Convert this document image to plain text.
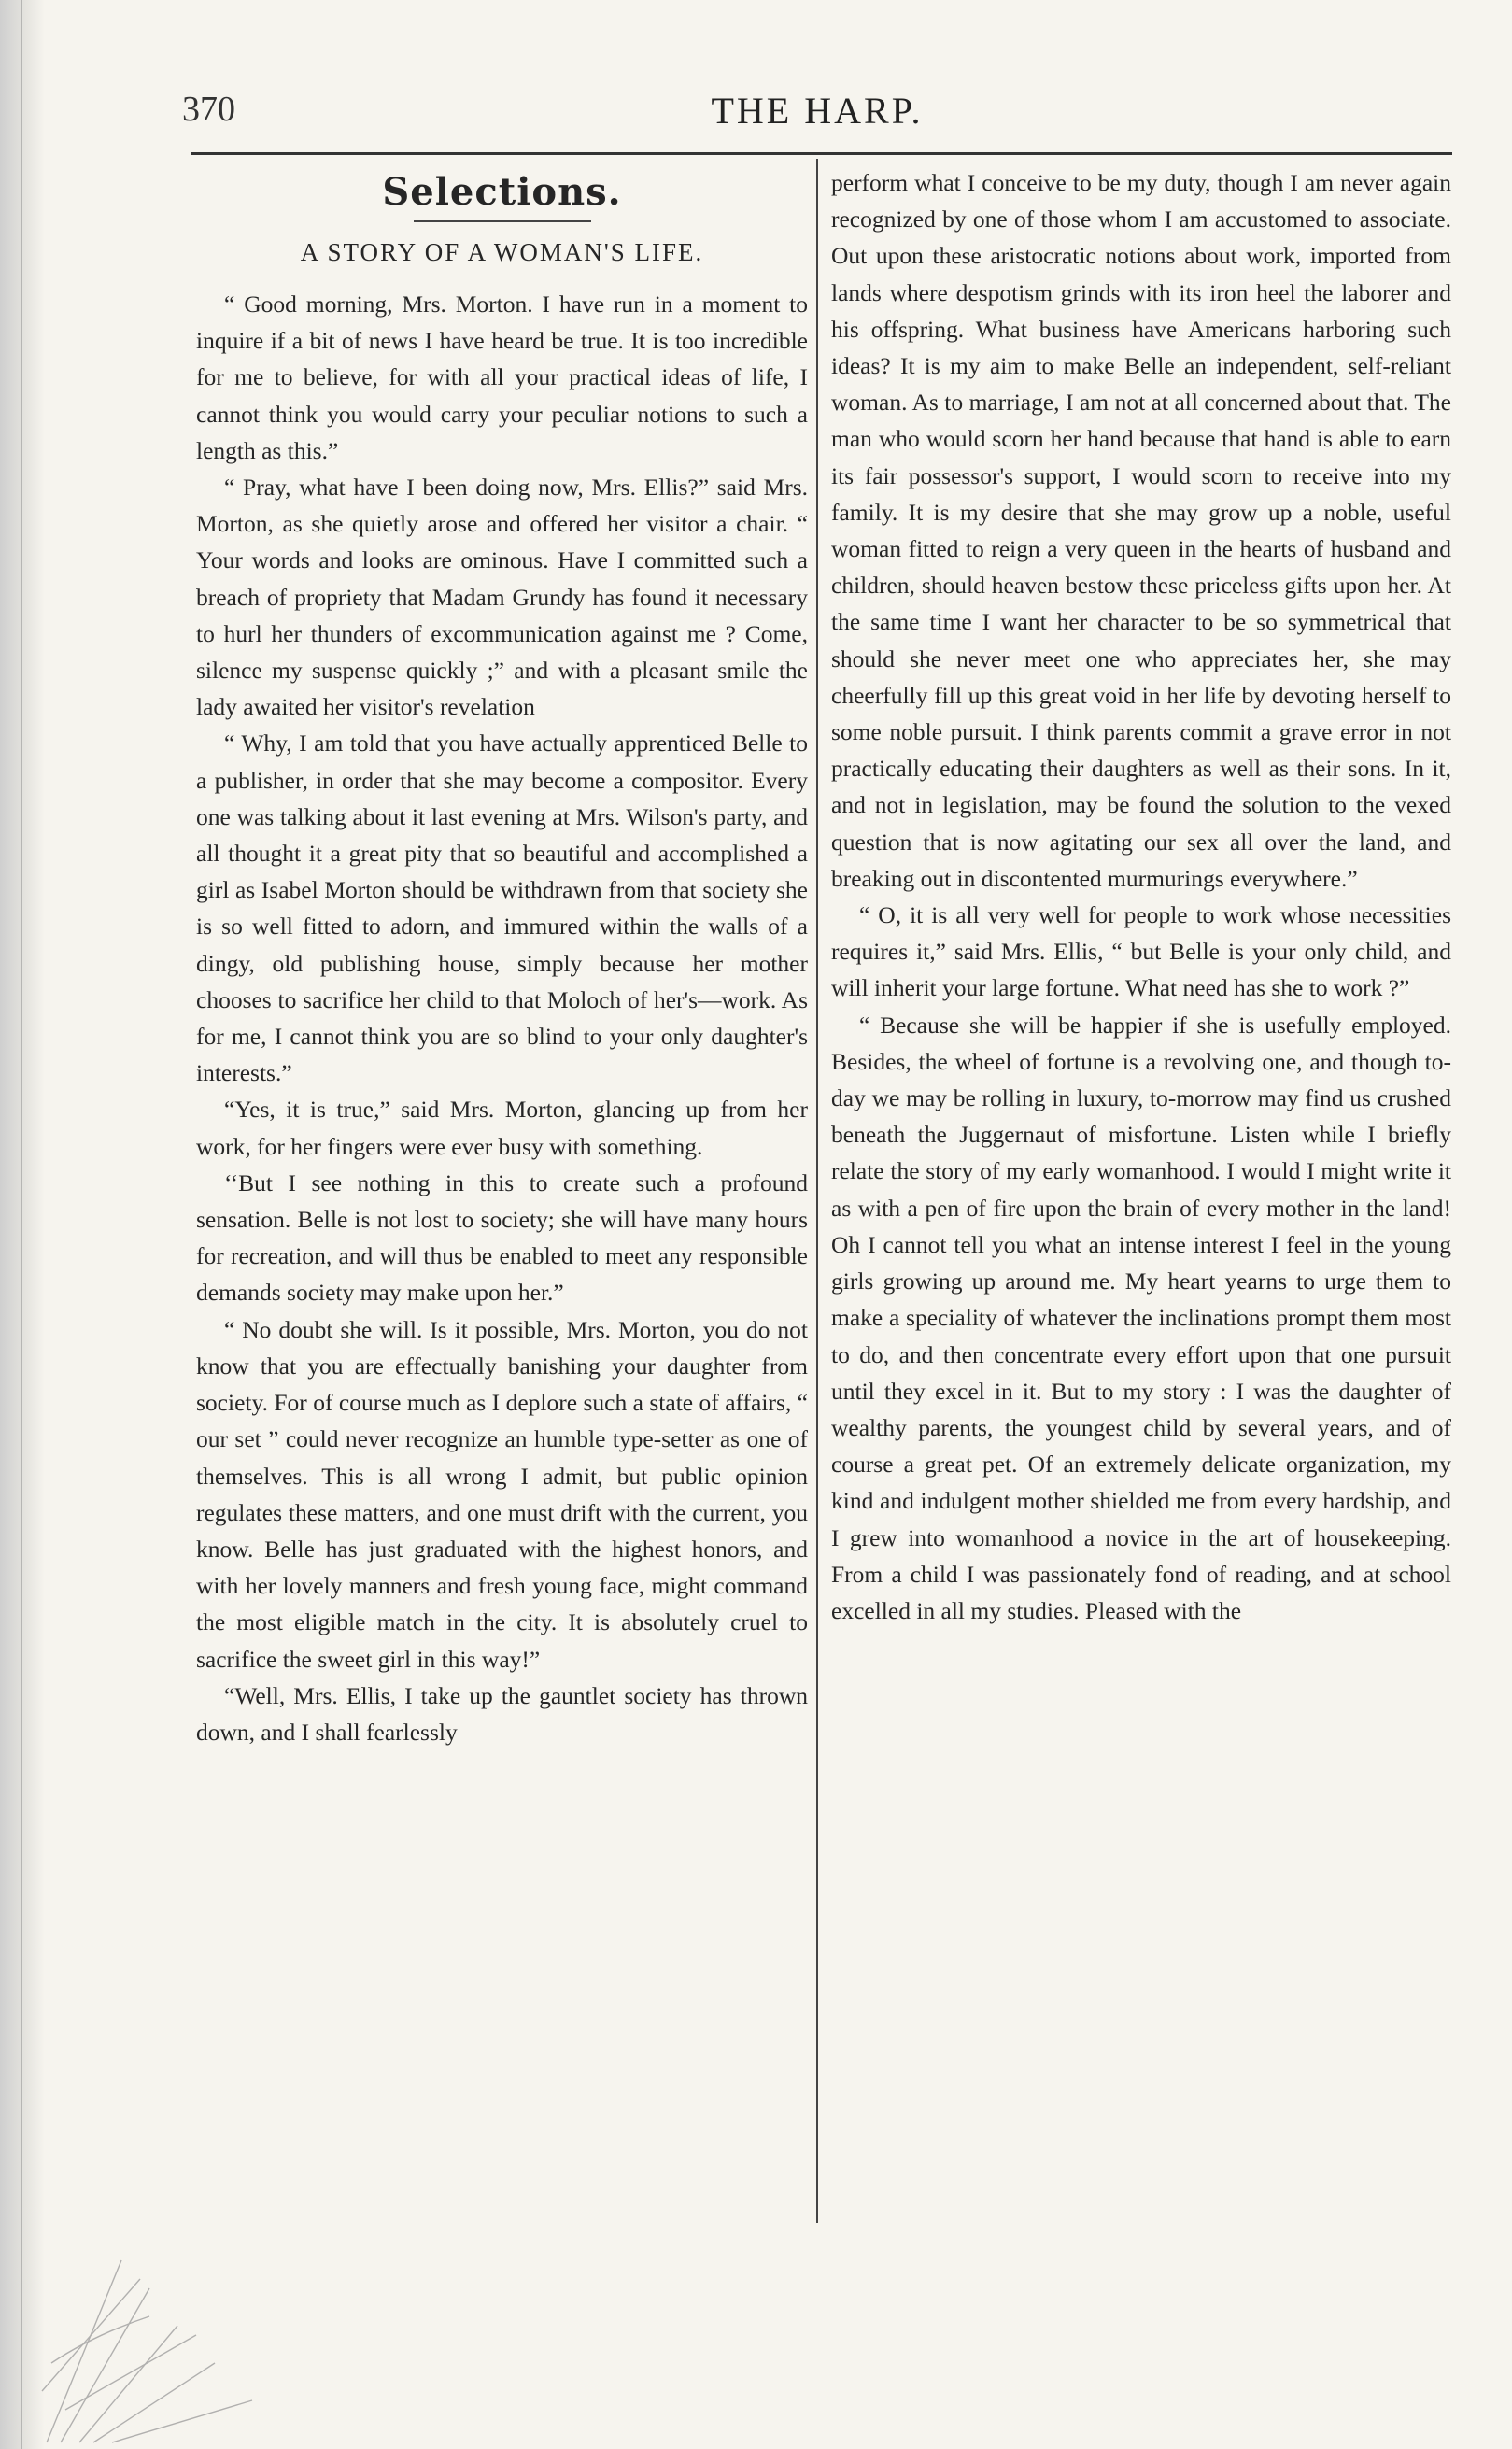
370	THE HARP.
Selections.
A STORY OF A WOMAN'S LIFE.

“ Good morning, Mrs. Morton. I have run in a moment to inquire if a bit of news I have heard be true. It is too incredible for me to believe, for with all your practical ideas of life, I cannot think you would carry your peculiar notions to such a length as this.”

“ Pray, what have I been doing now, Mrs. Ellis?” said Mrs. Morton, as she quietly arose and offered her visitor a chair. “ Your words and looks are ominous. Have I committed such a breach of propriety that Madam Grundy has found it necessary to hurl her thunders of excommunication against me ? Come, silence my suspense quickly ;” and with a pleasant smile the lady awaited her visitor's revelation

“ Why, I am told that you have actually apprenticed Belle to a publisher, in order that she may become a compositor. Every one was talking about it last evening at Mrs. Wilson's party, and all thought it a great pity that so beautiful and accomplished a girl as Isabel Morton should be withdrawn from that society she is so well fitted to adorn, and immured within the walls of a dingy, old publishing house, simply because her mother chooses to sacrifice her child to that Moloch of her's—work. As for me, I cannot think you are so blind to your only daughter's interests.”

“Yes, it is true,” said Mrs. Morton, glancing up from her work, for her fingers were ever busy with something.

‘‘But I see nothing in this to create such a profound sensation. Belle is not lost to society; she will have many hours for recreation, and will thus be enabled to meet any responsible demands society may make upon her.”

“ No doubt she will. Is it possible, Mrs. Morton, you do not know that you are effectually banishing your daughter from society. For of course much as I deplore such a state of affairs, “ our set ” could never recognize an humble type-setter as one of themselves. This is all wrong I admit, but public opinion regulates these matters, and one must drift with the current, you know. Belle has just graduated with the highest honors, and with her lovely manners and fresh young face, might command the most eligible match in the city. It is absolutely cruel to sacrifice the sweet girl in this way!”

“Well, Mrs. Ellis, I take up the gauntlet society has thrown down, and I shall fearlessly

perform what I conceive to be my duty, though I am never again recognized by one of those whom I am accustomed to associate. Out upon these aristocratic notions about work, imported from lands where despotism grinds with its iron heel the laborer and his offspring. What business have Americans harboring such ideas? It is my aim to make Belle an independent, self-reliant woman. As to marriage, I am not at all concerned about that. The man who would scorn her hand because that hand is able to earn its fair possessor's support, I would scorn to receive into my family. It is my desire that she may grow up a noble, useful woman fitted to reign a very queen in the hearts of husband and children, should heaven bestow these priceless gifts upon her. At the same time I want her character to be so symmetrical that should she never meet one who appreciates her, she may cheerfully fill up this great void in her life by devoting herself to some noble pursuit. I think parents commit a grave error in not practically educating their daughters as well as their sons. In it, and not in legislation, may be found the solution to the vexed question that is now agitating our sex all over the land, and breaking out in discontented murmurings everywhere.”

“ O, it is all very well for people to work whose necessities requires it,” said Mrs. Ellis, “ but Belle is your only child, and will inherit your large fortune. What need has she to work ?”

“ Because she will be happier if she is usefully employed. Besides, the wheel of fortune is a revolving one, and though to-day we may be rolling in luxury, to-morrow may find us crushed beneath the Juggernaut of misfortune. Listen while I briefly relate the story of my early womanhood. I would I might write it as with a pen of fire upon the brain of every mother in the land! Oh I cannot tell you what an intense interest I feel in the young girls growing up around me. My heart yearns to urge them to make a speciality of whatever the inclinations prompt them most to do, and then concentrate every effort upon that one pursuit until they excel in it. But to my story : I was the daughter of wealthy parents, the youngest child by several years, and of course a great pet. Of an extremely delicate organization, my kind and indulgent mother shielded me from every hardship, and I grew into womanhood a novice in the art of housekeeping. From a child I was passionately fond of reading, and at school excelled in all my studies. Pleased with the
